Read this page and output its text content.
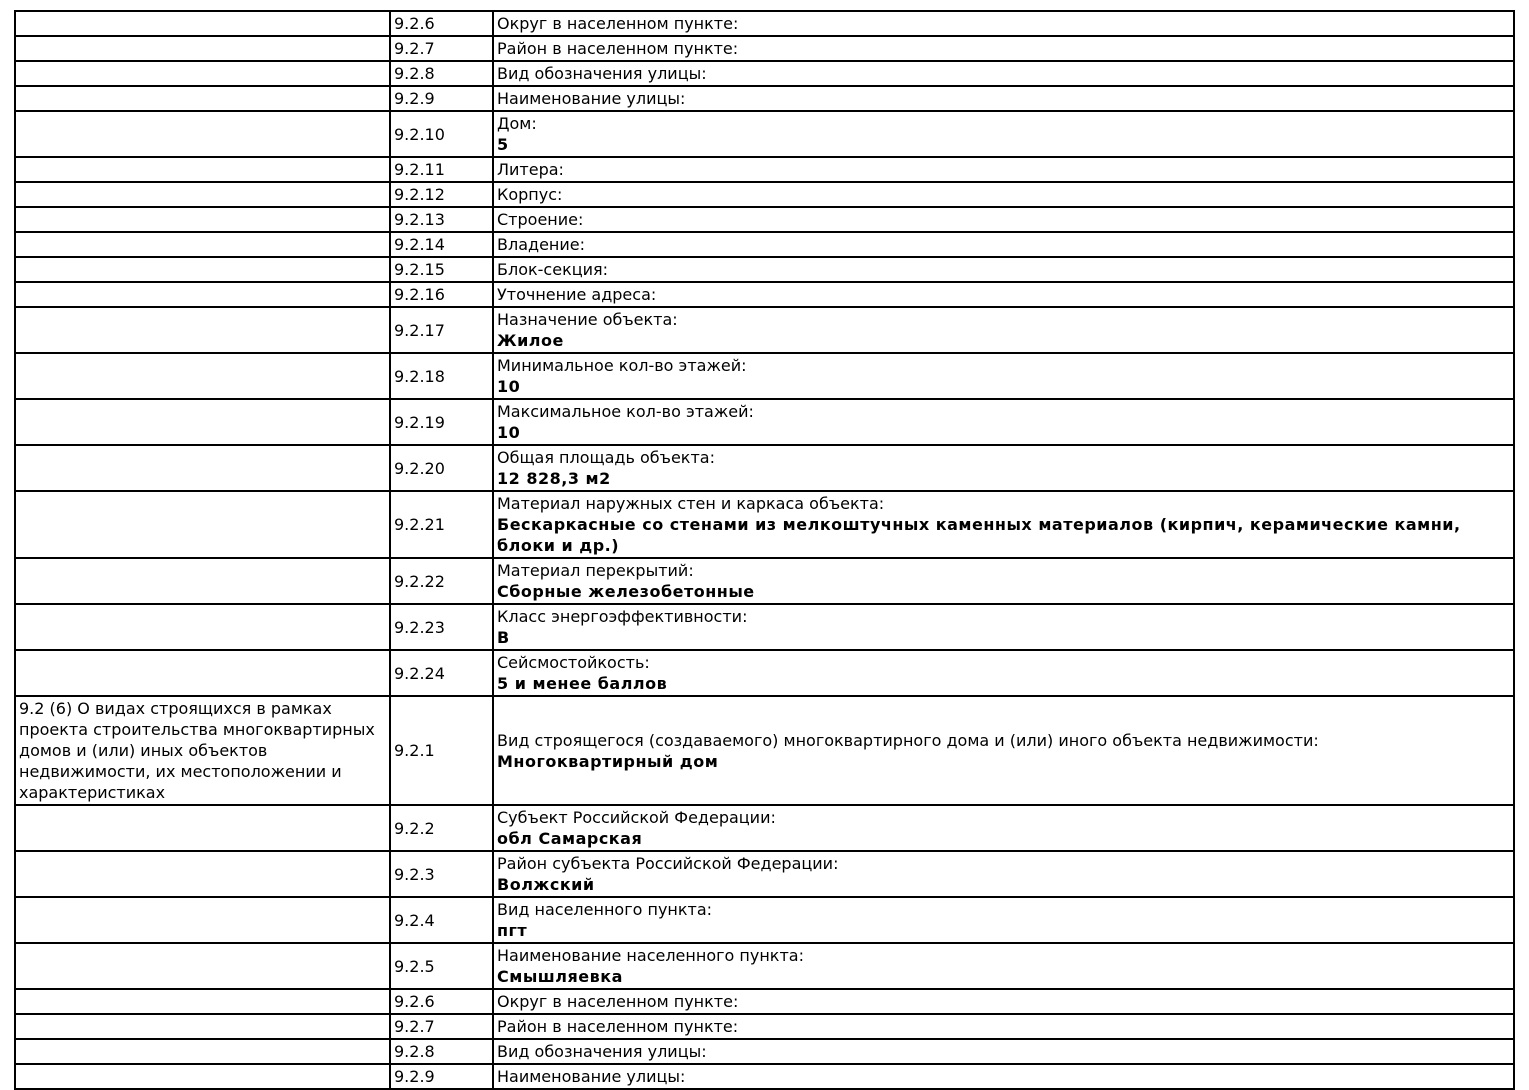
	9.2.6	Округ в населенном пункте:

	9.2.7	Район в населенном пункте:

	9.2.8	Вид обозначения улицы:

	9.2.9	Наименование улицы:

	9.2.10	Дом:
5

	9.2.11	Литера:

	9.2.12	Корпус:

	9.2.13	Строение:

	9.2.14	Владение:

	9.2.15	Блок-секция:

	9.2.16	Уточнение адреса:

	9.2.17	Назначение объекта:
Жилое

	9.2.18	Минимальное кол-во этажей:
10

	9.2.19	Максимальное кол-во этажей:
10

	9.2.20	Общая площадь объекта:
12 828,3 м2

	9.2.21	Материал наружных стен и каркаса объекта:
Бескаркасные со стенами из мелкоштучных каменных материалов (кирпич, керамические камни, блоки и др.)

	9.2.22	Материал перекрытий:
Сборные железобетонные

	9.2.23	Класс энергоэффективности:
В

	9.2.24	Сейсмостойкость:
5 и менее баллов

9.2 (6) О видах строящихся в рамках проекта строительства многоквартирных домов и (или) иных объектов недвижимости, их местоположении и характеристиках	9.2.1	Вид строящегося (создаваемого) многоквартирного дома и (или) иного объекта недвижимости:
Многоквартирный дом

	9.2.2	Субъект Российской Федерации:
обл Самарская

	9.2.3	Район субъекта Российской Федерации:
Волжский

	9.2.4	Вид населенного пункта:
пгт

	9.2.5	Наименование населенного пункта:
Смышляевка

	9.2.6	Округ в населенном пункте:

	9.2.7	Район в населенном пункте:

	9.2.8	Вид обозначения улицы:

	9.2.9	Наименование улицы:
